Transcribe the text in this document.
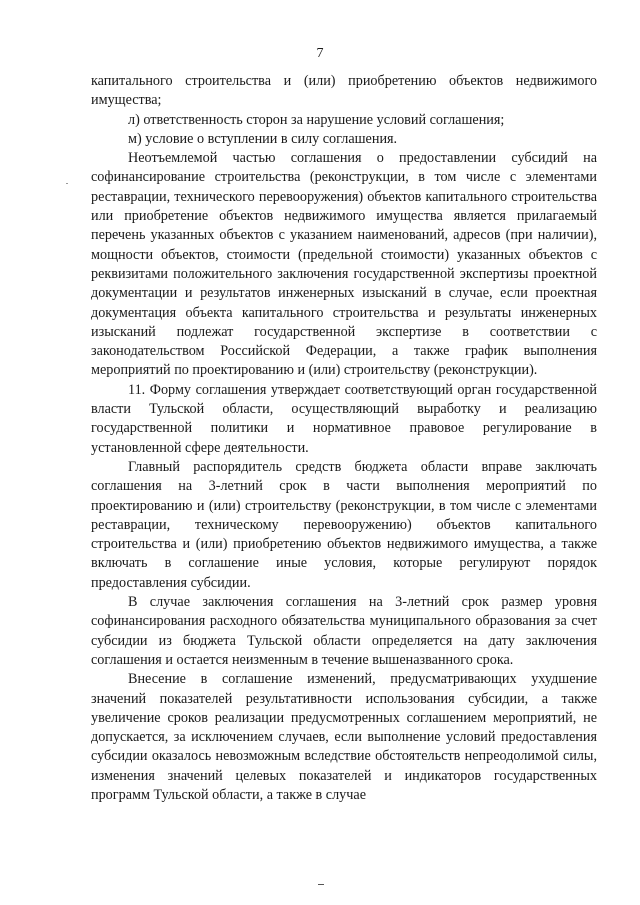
7

капитального строительства и (или) приобретению объектов недвижимого имущества;

л) ответственность сторон за нарушение условий соглашения;

м) условие о вступлении в силу соглашения.

Неотъемлемой частью соглашения о предоставлении субсидий на софинансирование строительства (реконструкции, в том числе с элементами реставрации, технического перевооружения) объектов капитального строительства или приобретение объектов недвижимого имущества является прилагаемый перечень указанных объектов с указанием наименований, адресов (при наличии), мощности объектов, стоимости (предельной стоимости) указанных объектов с реквизитами положительного заключения государственной экспертизы проектной документации и результатов инженерных изысканий в случае, если проектная документация объекта капитального строительства и результаты инженерных изысканий подлежат государственной экспертизе в соответствии с законодательством Российской Федерации, а также график выполнения мероприятий по проектированию и (или) строительству (реконструкции).

11. Форму соглашения утверждает соответствующий орган государственной власти Тульской области, осуществляющий выработку и реализацию государственной политики и нормативное правовое регулирование в установленной сфере деятельности.

Главный распорядитель средств бюджета области вправе заключать соглашения на 3-летний срок в части выполнения мероприятий по проектированию и (или) строительству (реконструкции, в том числе с элементами реставрации, техническому перевооружению) объектов капитального строительства и (или) приобретению объектов недвижимого имущества, а также включать в соглашение иные условия, которые регулируют порядок предоставления субсидии.

В случае заключения соглашения на 3-летний срок размер уровня софинансирования расходного обязательства муниципального образования за счет субсидии из бюджета Тульской области определяется на дату заключения соглашения и остается неизменным в течение вышеназванного срока.

Внесение в соглашение изменений, предусматривающих ухудшение значений показателей результативности использования субсидии, а также увеличение сроков реализации предусмотренных соглашением мероприятий, не допускается, за исключением случаев, если выполнение условий предоставления субсидии оказалось невозможным вследствие обстоятельств непреодолимой силы, изменения значений целевых показателей и индикаторов государственных программ Тульской области, а также в случае
